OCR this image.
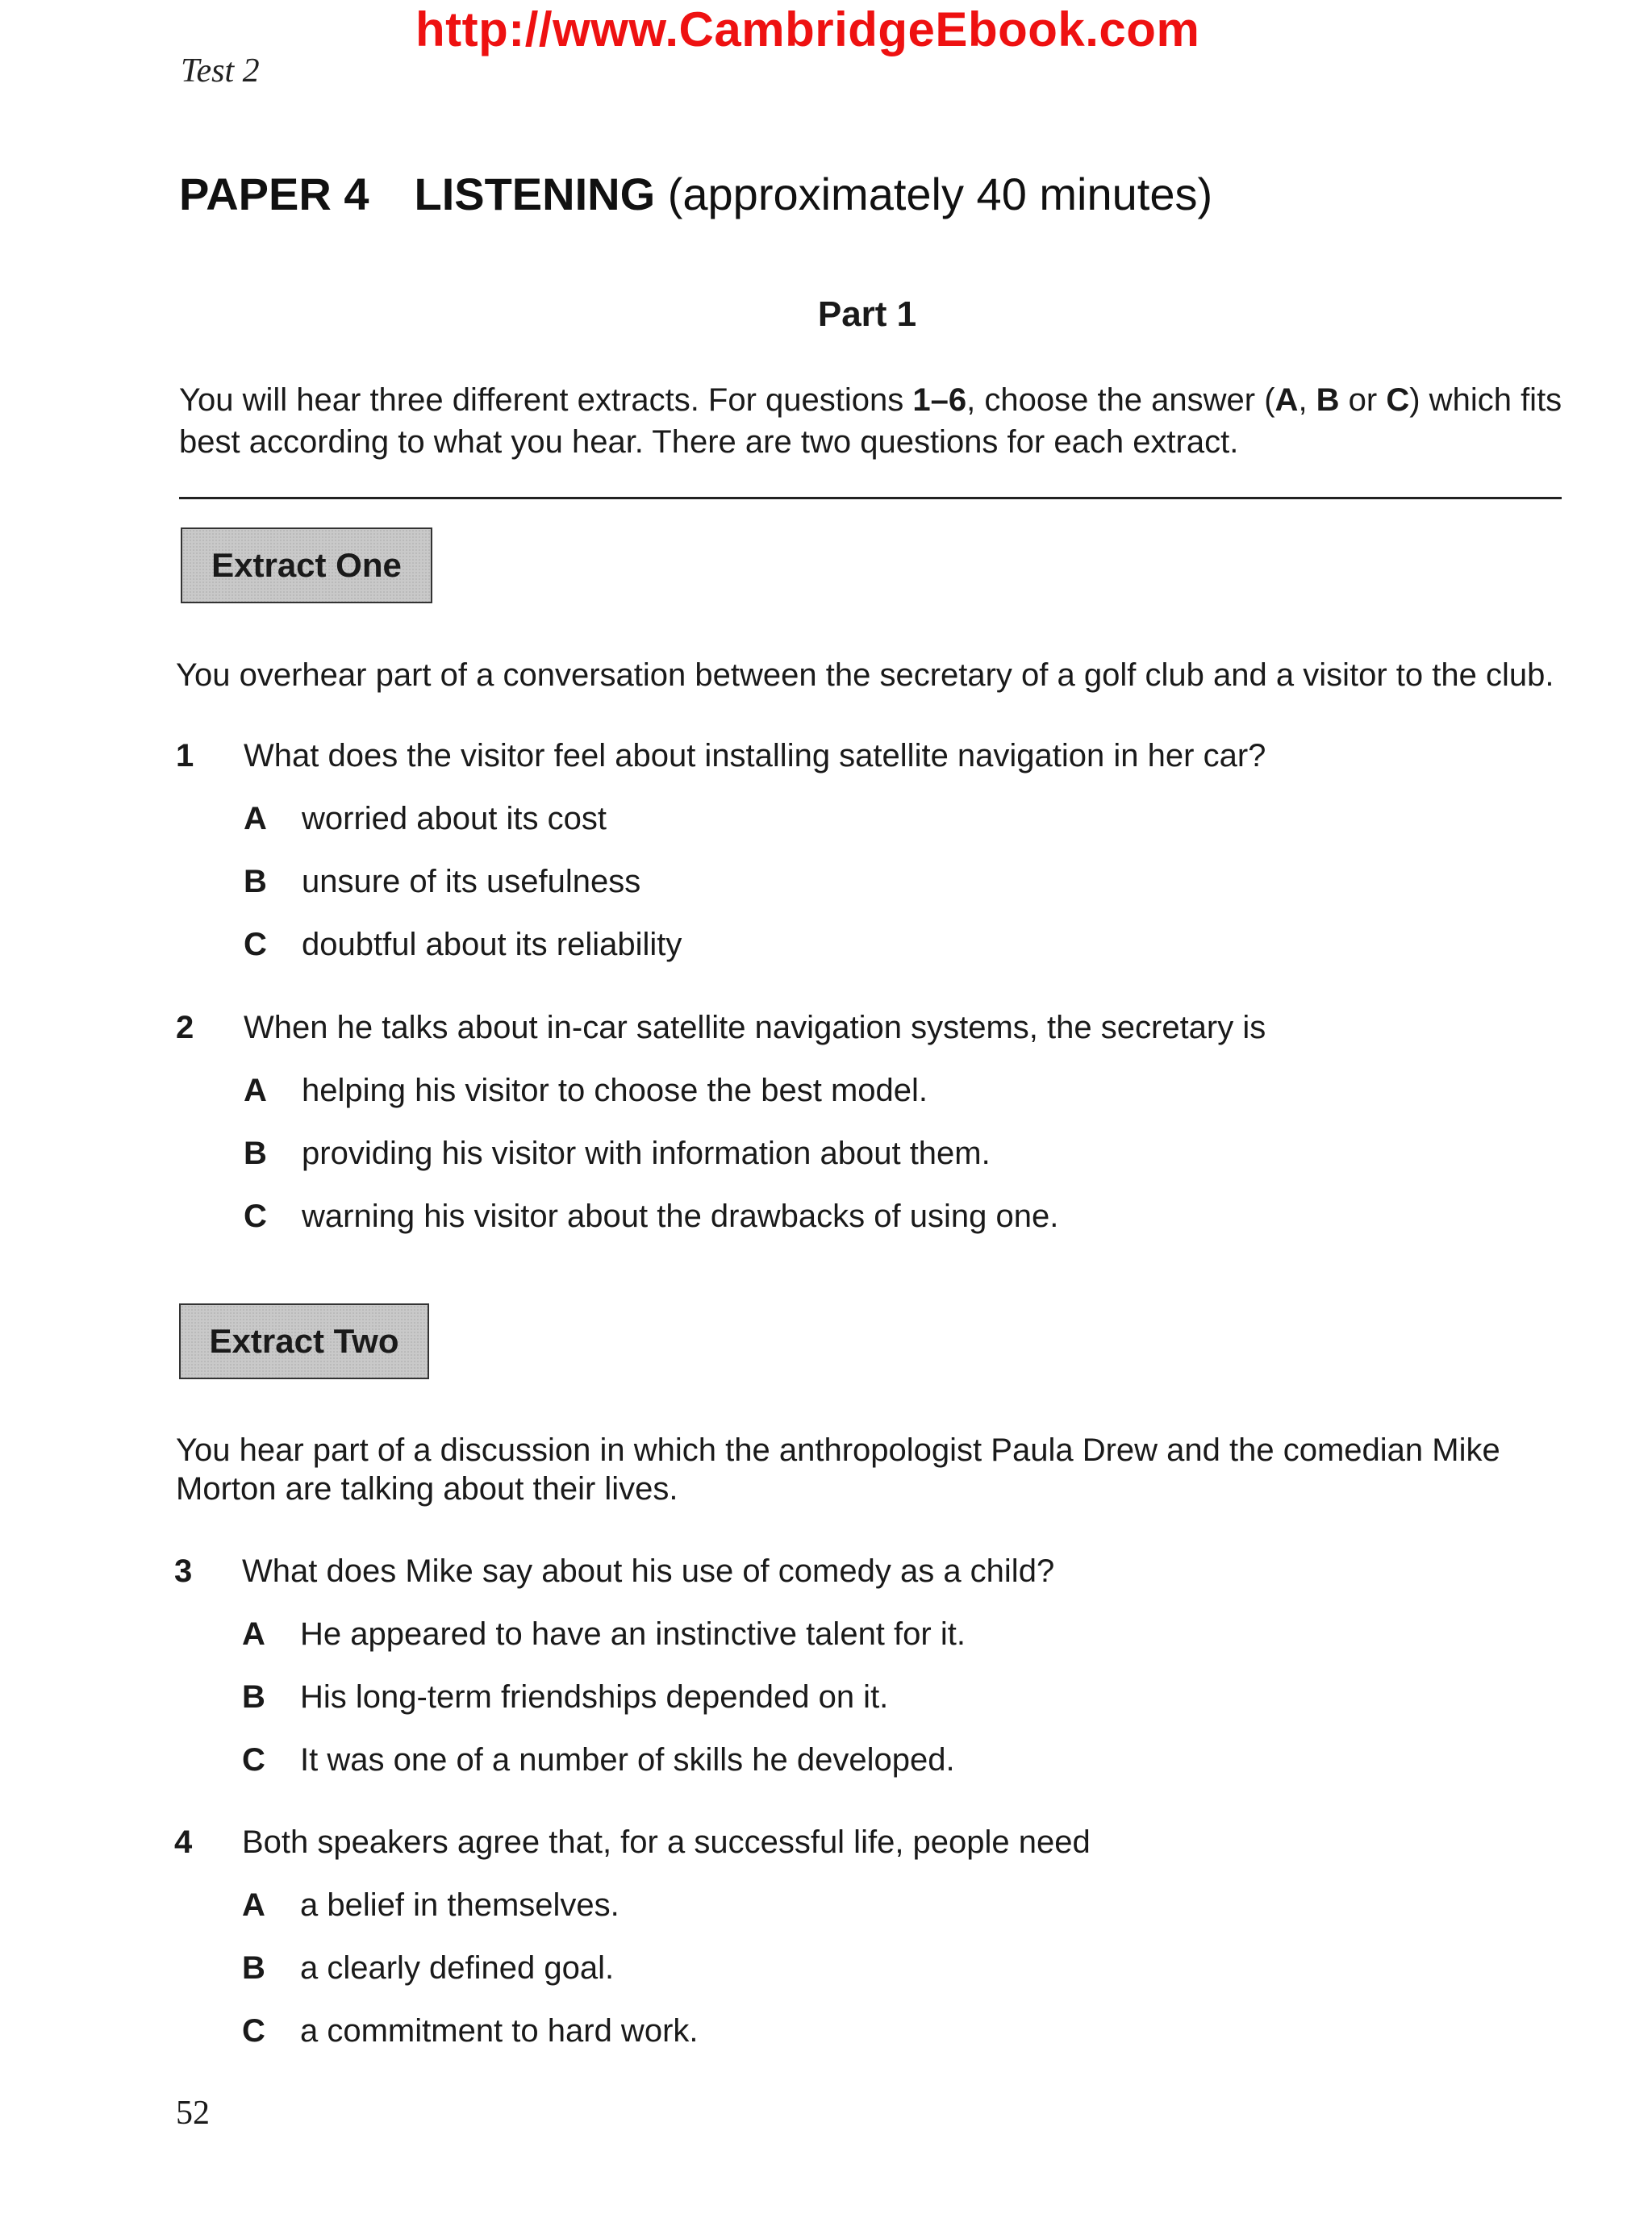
http://www.CambridgeEbook.com
Test 2
PAPER 4 LISTENING (approximately 40 minutes)
Part 1
You will hear three different extracts. For questions 1–6, choose the answer (A, B or C) which fits best according to what you hear. There are two questions for each extract.
Extract One
You overhear part of a conversation between the secretary of a golf club and a visitor to the club.
1 What does the visitor feel about installing satellite navigation in her car?
A worried about its cost
B unsure of its usefulness
C doubtful about its reliability
2 When he talks about in-car satellite navigation systems, the secretary is
A helping his visitor to choose the best model.
B providing his visitor with information about them.
C warning his visitor about the drawbacks of using one.
Extract Two
You hear part of a discussion in which the anthropologist Paula Drew and the comedian Mike Morton are talking about their lives.
3 What does Mike say about his use of comedy as a child?
A He appeared to have an instinctive talent for it.
B His long-term friendships depended on it.
C It was one of a number of skills he developed.
4 Both speakers agree that, for a successful life, people need
A a belief in themselves.
B a clearly defined goal.
C a commitment to hard work.
52
